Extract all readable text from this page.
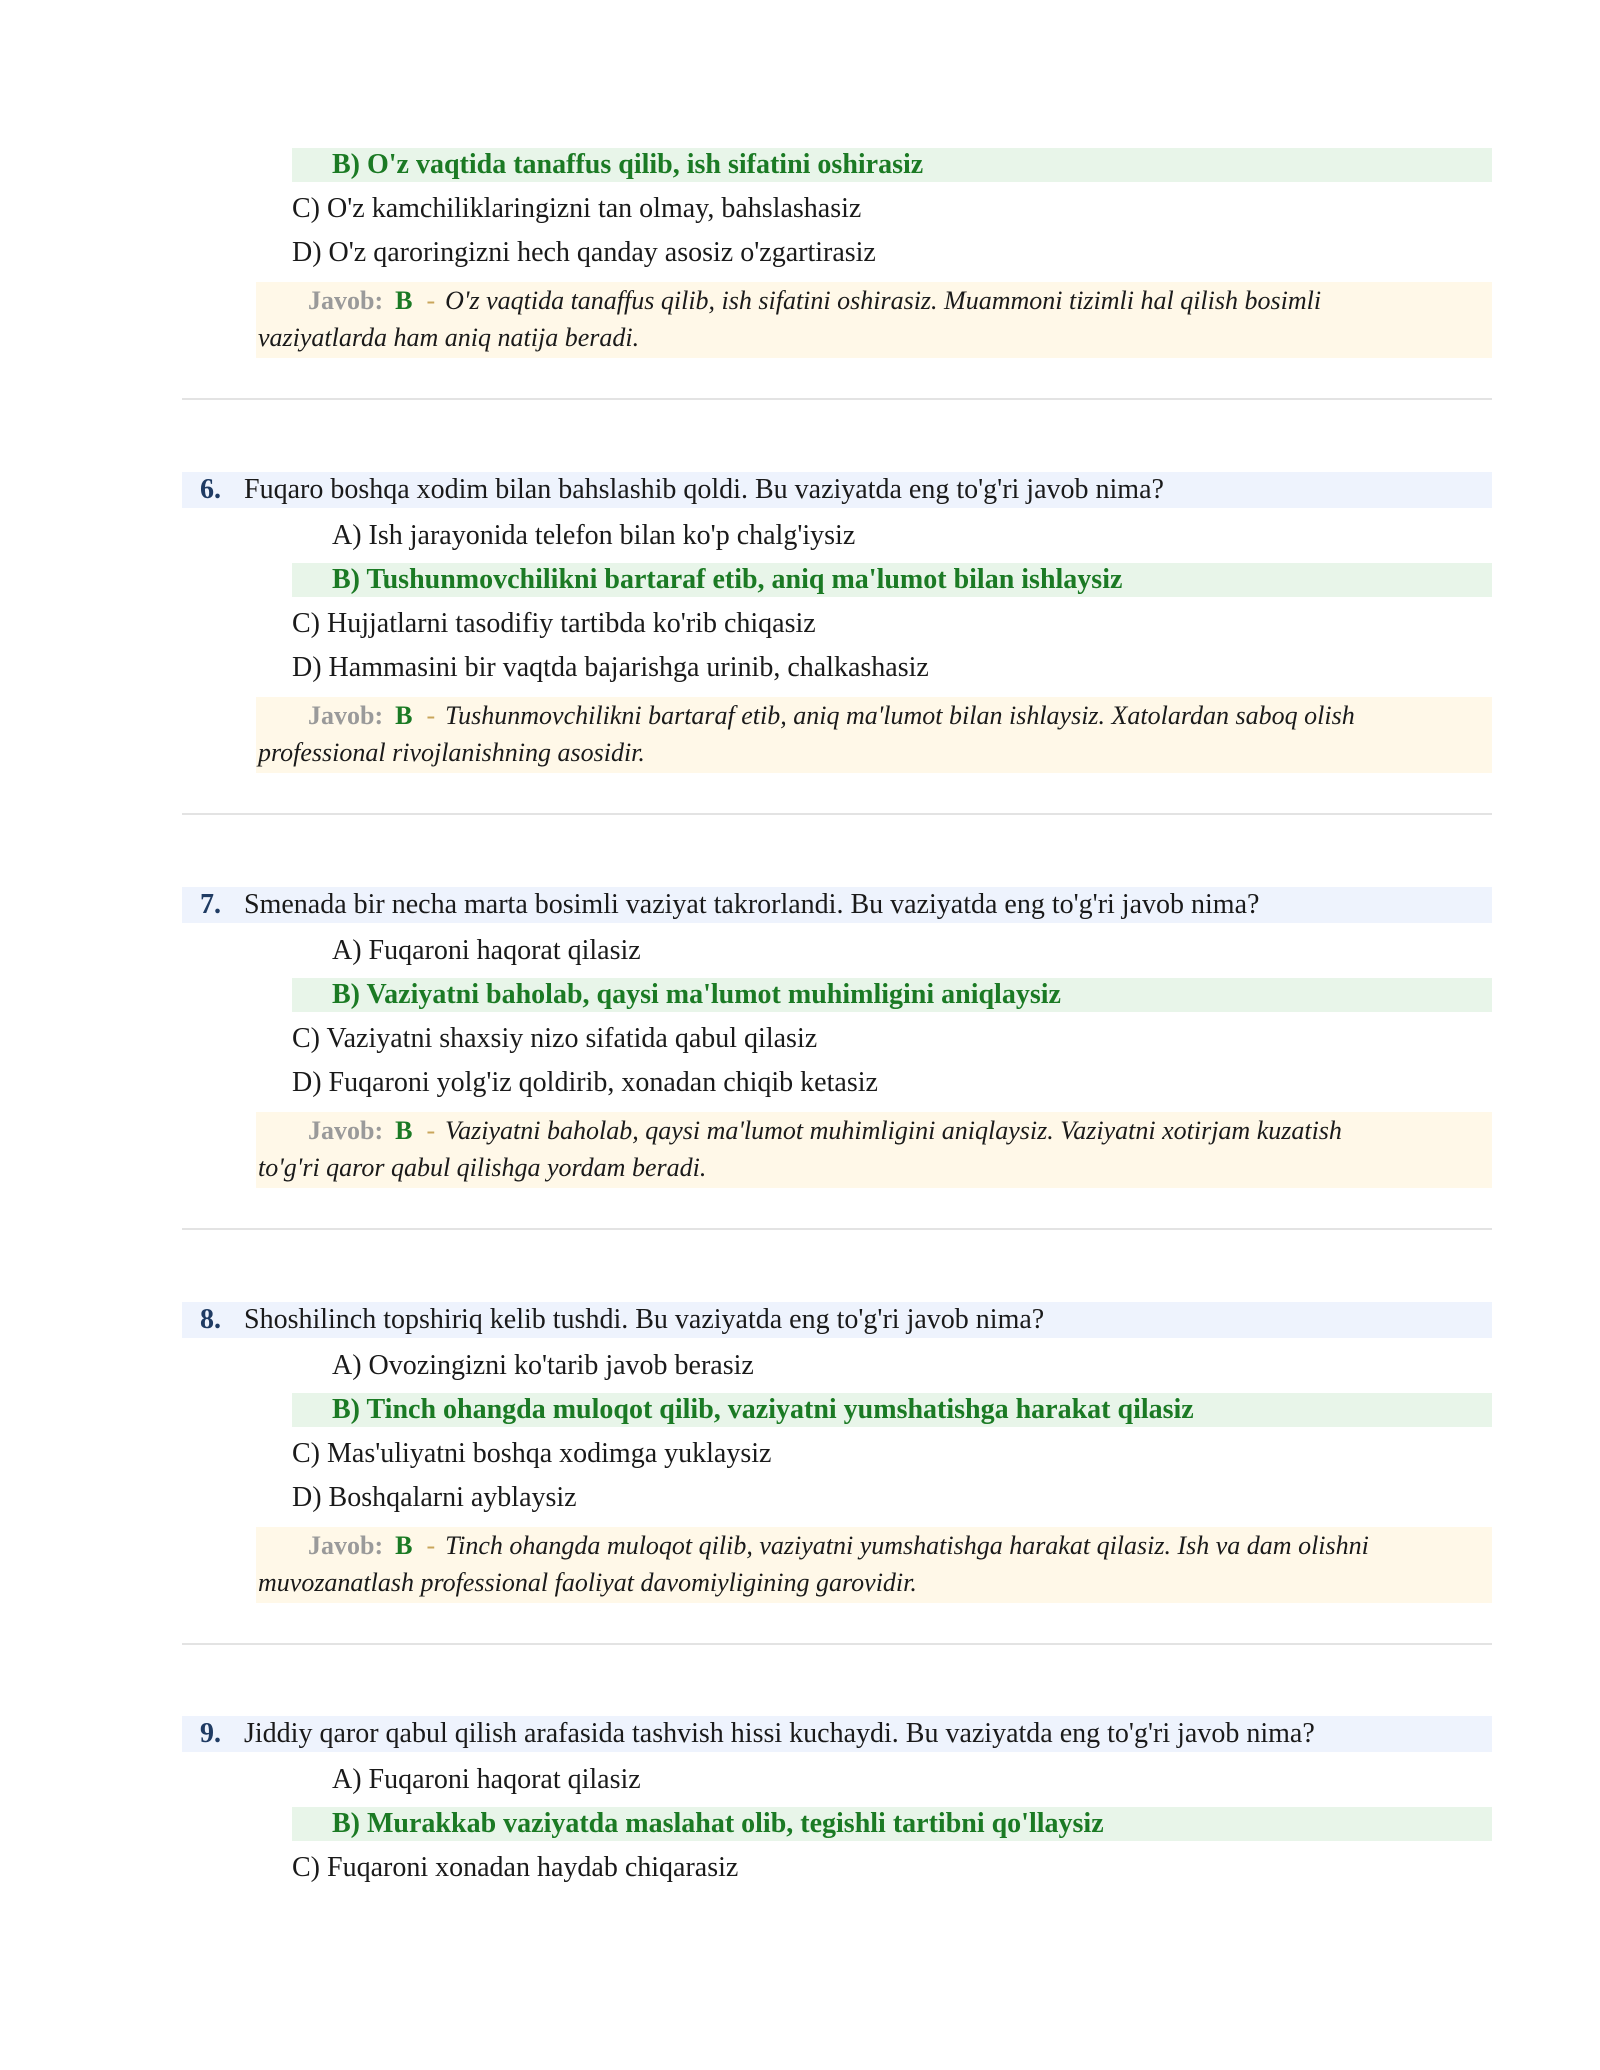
B) O'z vaqtida tanaffus qilib, ish sifatini oshirasiz
C) O'z kamchiliklaringizni tan olmay, bahslashasiz
D) O'z qaroringizni hech qanday asosiz o'zgartirasiz
Javob: B - O'z vaqtida tanaffus qilib, ish sifatini oshirasiz. Muammoni tizimli hal qilish bosimli
vaziyatlarda ham aniq natija beradi.
6. Fuqaro boshqa xodim bilan bahslashib qoldi. Bu vaziyatda eng to'g'ri javob nima?
A) Ish jarayonida telefon bilan ko'p chalg'iysiz
B) Tushunmovchilikni bartaraf etib, aniq ma'lumot bilan ishlaysiz
C) Hujjatlarni tasodifiy tartibda ko'rib chiqasiz
D) Hammasini bir vaqtda bajarishga urinib, chalkashasiz
Javob: B - Tushunmovchilikni bartaraf etib, aniq ma'lumot bilan ishlaysiz. Xatolardan saboq olish
professional rivojlanishning asosidir.
7. Smenada bir necha marta bosimli vaziyat takrorlandi. Bu vaziyatda eng to'g'ri javob nima?
A) Fuqaroni haqorat qilasiz
B) Vaziyatni baholab, qaysi ma'lumot muhimligini aniqlaysiz
C) Vaziyatni shaxsiy nizo sifatida qabul qilasiz
D) Fuqaroni yolg'iz qoldirib, xonadan chiqib ketasiz
Javob: B - Vaziyatni baholab, qaysi ma'lumot muhimligini aniqlaysiz. Vaziyatni xotirjam kuzatish
to'g'ri qaror qabul qilishga yordam beradi.
8. Shoshilinch topshiriq kelib tushdi. Bu vaziyatda eng to'g'ri javob nima?
A) Ovozingizni ko'tarib javob berasiz
B) Tinch ohangda muloqot qilib, vaziyatni yumshatishga harakat qilasiz
C) Mas'uliyatni boshqa xodimga yuklaysiz
D) Boshqalarni ayblaysiz
Javob: B - Tinch ohangda muloqot qilib, vaziyatni yumshatishga harakat qilasiz. Ish va dam olishni
muvozanatlash professional faoliyat davomiyligining garovidir.
9. Jiddiy qaror qabul qilish arafasida tashvish hissi kuchaydi. Bu vaziyatda eng to'g'ri javob nima?
A) Fuqaroni haqorat qilasiz
B) Murakkab vaziyatda maslahat olib, tegishli tartibni qo'llaysiz
C) Fuqaroni xonadan haydab chiqarasiz
